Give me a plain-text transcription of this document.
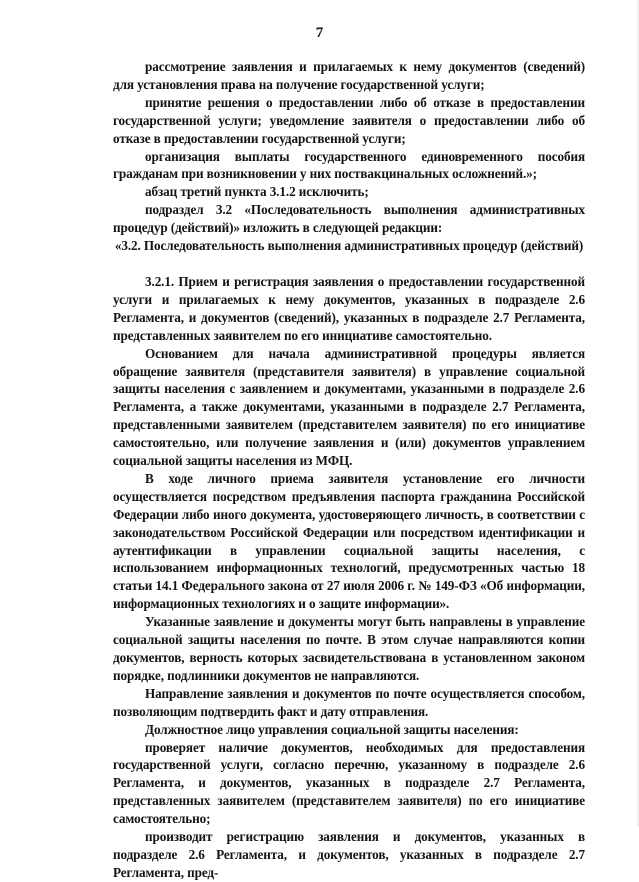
7

рассмотрение заявления и прилагаемых к нему документов (сведений) для установления права на получение государственной услуги;

принятие решения о предоставлении либо об отказе в предоставлении государственной услуги; уведомление заявителя о предоставлении либо об отказе в предоставлении государственной услуги;

организация выплаты государственного единовременного пособия гражданам при возникновении у них поствакцинальных осложнений.»;

абзац третий пункта 3.1.2 исключить;

подраздел 3.2 «Последовательность выполнения административных процедур (действий)» изложить в следующей редакции:

«3.2. Последовательность выполнения административных процедур (действий)

3.2.1. Прием и регистрация заявления о предоставлении государственной услуги и прилагаемых к нему документов, указанных в подразделе 2.6 Регламента, и документов (сведений), указанных в подразделе 2.7 Регламента, представленных заявителем по его инициативе самостоятельно.

Основанием для начала административной процедуры является обращение заявителя (представителя заявителя) в управление социальной защиты населения с заявлением и документами, указанными в подразделе 2.6 Регламента, а также документами, указанными в подразделе 2.7 Регламента, представленными заявителем (представителем заявителя) по его инициативе самостоятельно, или получение заявления и (или) документов управлением социальной защиты населения из МФЦ.

В ходе личного приема заявителя установление его личности осуществляется посредством предъявления паспорта гражданина Российской Федерации либо иного документа, удостоверяющего личность, в соответствии с законодательством Российской Федерации или посредством идентификации и аутентификации в управлении социальной защиты населения, с использованием информационных технологий, предусмотренных частью 18 статьи 14.1 Федерального закона от 27 июля 2006 г. № 149-ФЗ «Об информации, информационных технологиях и о защите информации».

Указанные заявление и документы могут быть направлены в управление социальной защиты населения по почте. В этом случае направляются копии документов, верность которых засвидетельствована в установленном законом порядке, подлинники документов не направляются.

Направление заявления и документов по почте осуществляется способом, позволяющим подтвердить факт и дату отправления.

Должностное лицо управления социальной защиты населения:

проверяет наличие документов, необходимых для предоставления государственной услуги, согласно перечню, указанному в подразделе 2.6 Регламента, и документов, указанных в подразделе 2.7 Регламента, представленных заявителем (представителем заявителя) по его инициативе самостоятельно;

производит регистрацию заявления и документов, указанных в подразделе 2.6 Регламента, и документов, указанных в подразделе 2.7 Регламента, пред-
